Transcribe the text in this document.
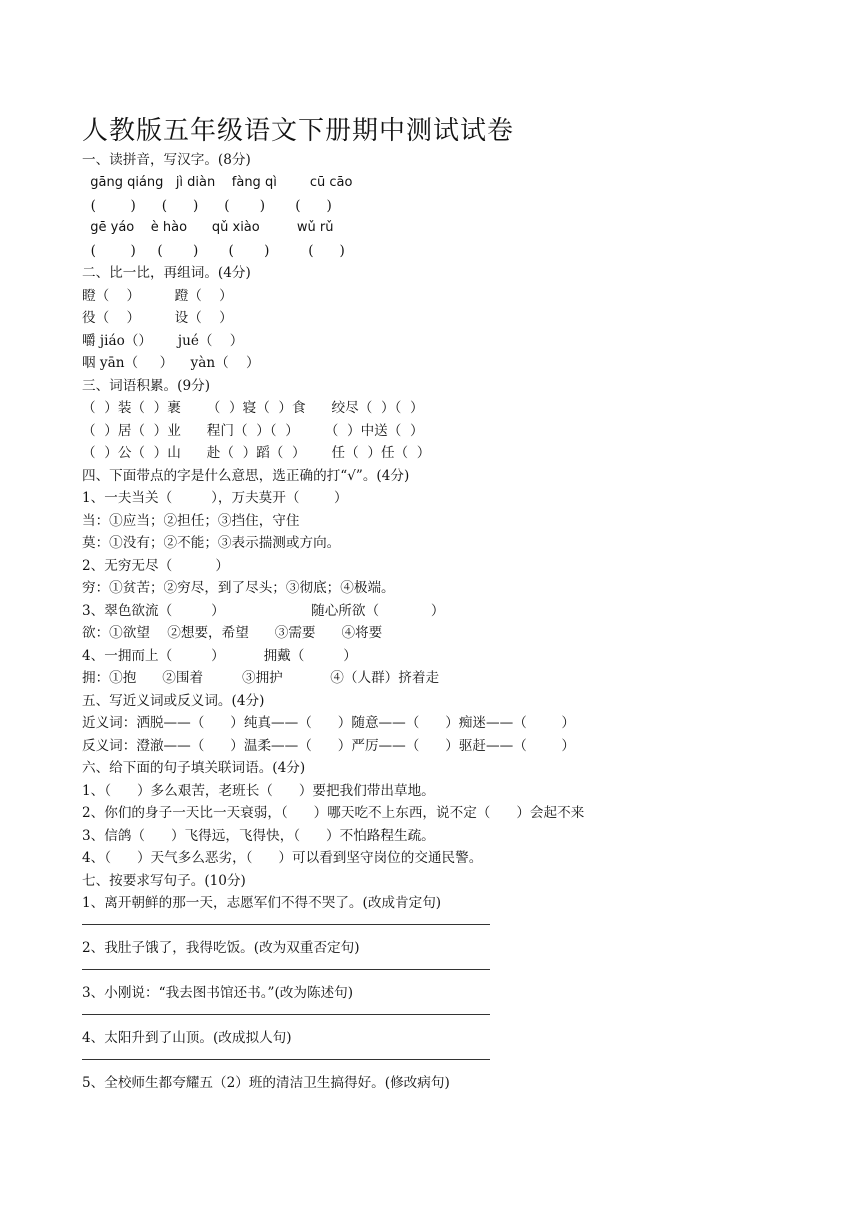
人教版五年级语文下册期中测试试卷
一、读拼音，写汉字。(8分)
gāng qiáng   jì diàn    fàng qì        cū cāo
(        )      (      )      (       )       (      )
gē yáo    è hào      qǔ xiào         wǔ rǔ
(        )     (       )       (       )         (      )
二、比一比，再组词。(4分)
瞪（    ）        蹬（    ）
役（    ）        设（    ）
嚼 jiáo（）      jué（    ）
咽 yān（     ）    yàn（    ）
三、词语积累。(9分)
（  ）装（  ）裹      （  ）寝（  ）食      绞尽（  ）（  ）
（  ）居（  ）业      程门（  ）（  ）      （  ）中送（  ）
（  ）公（  ）山      赴（  ）蹈（  ）      任（  ）任（  ）
四、下面带点的字是什么意思，选正确的打“√”。(4分)
1、一夫当关（         ），万夫莫开（        ）
当：①应当；②担任；③挡住，守住
莫：①没有；②不能；③表示揣测或方向。
2、无穷无尽（          ）
穷：①贫苦；②穷尽，到了尽头；③彻底；④极端。
3、翠色欲流（         ）                    随心所欲（            ）
欲：①欲望    ②想要，希望      ③需要      ④将要
4、一拥而上（         ）         拥戴（         ）
拥：①抱      ②围着         ③拥护           ④（人群）挤着走
五、写近义词或反义词。(4分)
近义词：洒脱——（      ）纯真——（      ）随意——（      ）痴迷——（        ）
反义词：澄澈——（      ）温柔——（      ）严厉——（      ）驱赶——（        ）
六、给下面的句子填关联词语。(4分)
1、（      ）多么艰苦，老班长（      ）要把我们带出草地。
2、你们的身子一天比一天衰弱，（      ）哪天吃不上东西，说不定（      ）会起不来
3、信鸽（      ）飞得远，飞得快，（      ）不怕路程生疏。
4、（      ）天气多么恶劣，（      ）可以看到坚守岗位的交通民警。
七、按要求写句子。(10分)
1、离开朝鲜的那一天，志愿军们不得不哭了。(改成肯定句)
2、我肚子饿了，我得吃饭。(改为双重否定句)
3、小刚说：“我去图书馆还书。”(改为陈述句)
4、太阳升到了山顶。(改成拟人句)
5、全校师生都夸耀五（2）班的清洁卫生搞得好。(修改病句)
